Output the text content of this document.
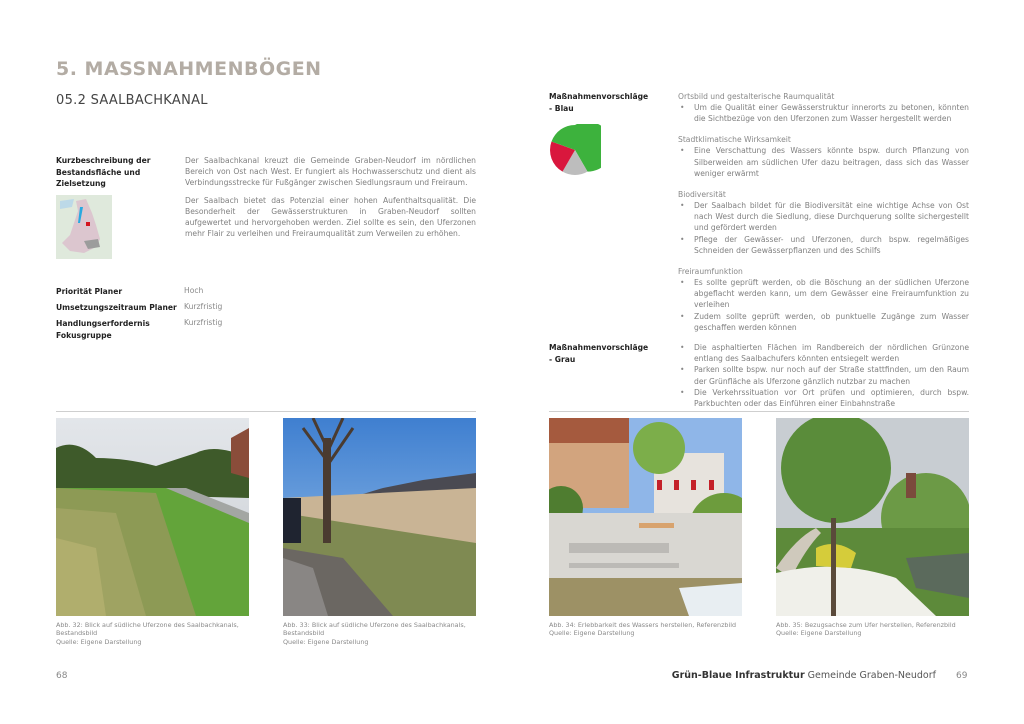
5. MASSNAHMENBÖGEN
05.2 SAALBACHKANAL
Kurzbeschreibung der
Bestandsfläche und
Zielsetzung

Der Saalbachkanal kreuzt die Gemeinde Graben-Neudorf im nördlichen Bereich von Ost nach West. Er fungiert als Hochwasserschutz und dient als Verbindungsstrecke für Fußgänger zwischen Siedlungsraum und Freiraum.

Der Saalbach bietet das Potenzial einer hohen Aufenthaltsqualität. Die Besonderheit der Gewässerstrukturen in Graben-Neudorf sollten aufgewertet und hervorgehoben werden. Ziel sollte es sein, den Uferzonen mehr Flair zu verleihen und Freiraumqualität zum Verweilen zu erhöhen.

Priorität Planer	Hoch
Umsetzungszeitraum Planer Kurzfristig
Handlungserfordernis Fokusgruppe
Kurzfristig
Maßnahmenvorschläge
- Blau
Ortsbild und gestalterische Raumqualität
• Um die Qualität einer Gewässerstruktur innerorts zu betonen, könnten die Sichtbezüge von den Uferzonen zum Wasser hergestellt werden
Stadtklimatische Wirksamkeit
• Eine Verschattung des Wassers könnte bspw. durch Pflanzung von Silberweiden am südlichen Ufer dazu beitragen, dass sich das Wasser weniger erwärmt
Biodiversität
• Der Saalbach bildet für die Biodiversität eine wichtige Achse von Ost nach West durch die Siedlung, diese Durchquerung sollte sichergestellt und gefördert werden
• Pflege der Gewässer- und Uferzonen, durch bspw. regelmäßiges Schneiden der Gewässerpflanzen und des Schilfs
Freiraumfunktion
• Es sollte geprüft werden, ob die Böschung an der südlichen Uferzone abgeflacht werden kann, um dem Gewässer eine Freiraumfunktion zu verleihen
• Zudem sollte geprüft werden, ob punktuelle Zugänge zum Wasser geschaffen werden können
Maßnahmenvorschläge
- Grau
• Die asphaltierten Flächen im Randbereich der nördlichen Grünzone entlang des Saalbachufers könnten entsiegelt werden
• Parken sollte bspw. nur noch auf der Straße stattfinden, um den Raum der Grünfläche als Uferzone gänzlich nutzbar zu machen
• Die Verkehrssituation vor Ort prüfen und optimieren, durch bspw. Parkbuchten oder das Einführen einer Einbahnstraße
Abb. 32: Blick auf südliche Uferzone des Saalbachkanals,
Bestandsbild
Quelle: Eigene Darstellung
Abb. 33: Blick auf südliche Uferzone des Saalbachkanals,
Bestandsbild
Quelle: Eigene Darstellung
Abb. 34: Erlebbarkeit des Wassers herstellen, Referenzbild
Quelle: Eigene Darstellung
Abb. 35: Bezugsachse zum Ufer herstellen, Referenzbild
Quelle: Eigene Darstellung
68	Grün-Blaue Infrastruktur Gemeinde Graben-Neudorf 69
